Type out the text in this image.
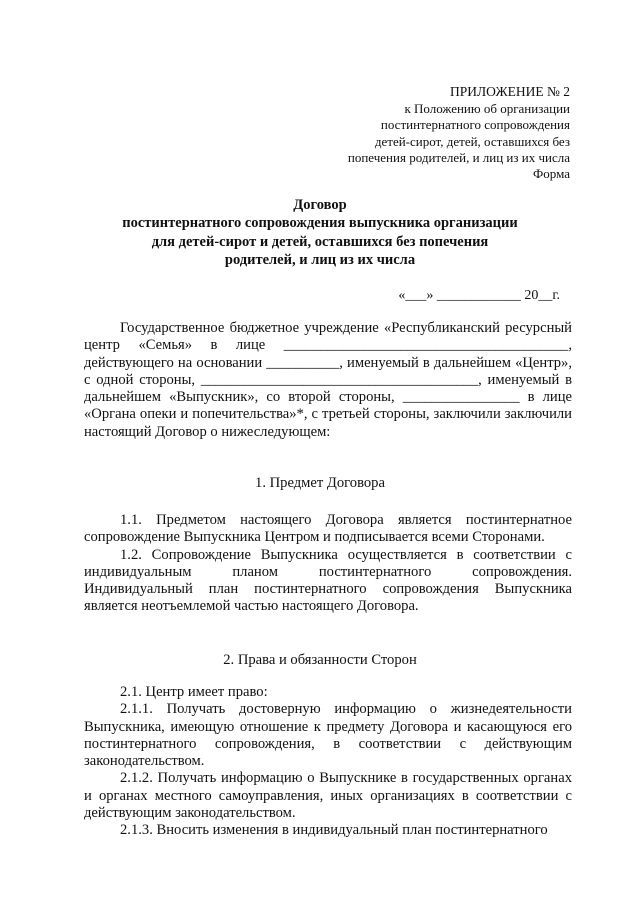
ПРИЛОЖЕНИЕ № 2
к Положению об организации
постинтернатного сопровождения
детей-сирот, детей, оставшихся без
попечения родителей, и лиц из их числа
Форма
Договор
постинтернатного сопровождения выпускника организации
для детей-сирот и детей, оставшихся без попечения
родителей, и лиц из их числа
«___» ____________ 20__г.

Государственное бюджетное учреждение «Республиканский ресурсный центр «Семья» в лице _______________________________________, действующего на основании __________, именуемый в дальнейшем «Центр», с одной стороны, ______________________________________, именуемый в дальнейшем «Выпускник», со второй стороны, ________________ в лице «Органа опеки и попечительства»*, с третьей стороны, заключили заключили настоящий Договор о нижеследующем:

1. Предмет Договора

1.1. Предметом настоящего Договора является постинтернатное сопровождение Выпускника Центром и подписывается всеми Сторонами.

1.2. Сопровождение Выпускника осуществляется в соответствии с индивидуальным планом постинтернатного сопровождения. Индивидуальный план постинтернатного сопровождения Выпускника является неотъемлемой частью настоящего Договора.

2. Права и обязанности Сторон

2.1. Центр имеет право:

2.1.1. Получать достоверную информацию о жизнедеятельности Выпускника, имеющую отношение к предмету Договора и касающуюся его постинтернатного сопровождения, в соответствии с действующим законодательством.

2.1.2. Получать информацию о Выпускнике в государственных органах и органах местного самоуправления, иных организациях в соответствии с действующим законодательством.

2.1.3. Вносить изменения в индивидуальный план постинтернатного
